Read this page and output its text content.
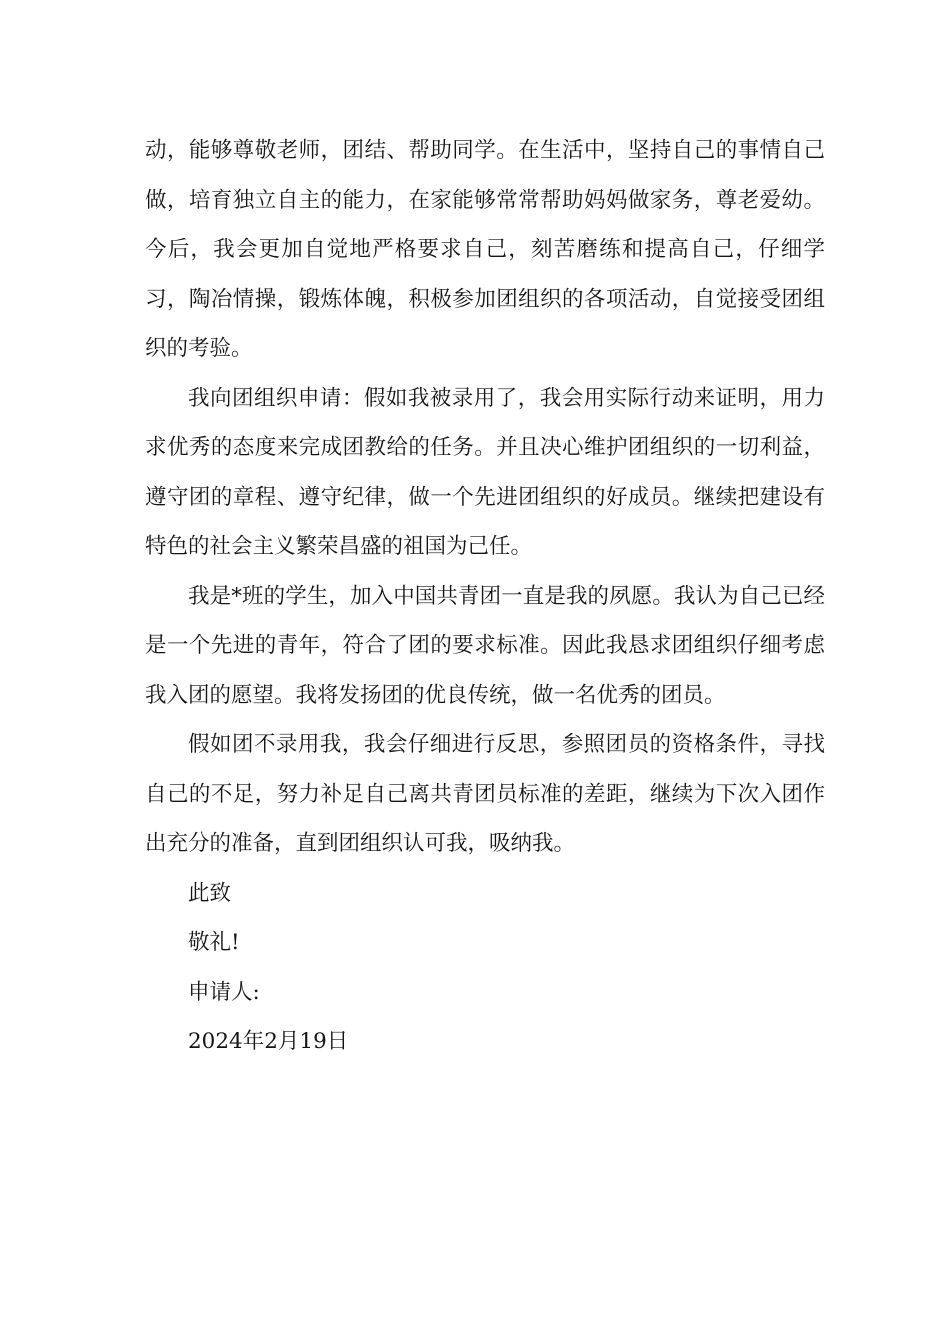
动，能够尊敬老师，团结、帮助同学。在生活中，坚持自己的事情自己做，培育独立自主的能力，在家能够常常帮助妈妈做家务，尊老爱幼。今后，我会更加自觉地严格要求自己，刻苦磨练和提高自己，仔细学习，陶冶情操，锻炼体魄，积极参加团组织的各项活动，自觉接受团组织的考验。

我向团组织申请：假如我被录用了，我会用实际行动来证明，用力求优秀的态度来完成团教给的任务。并且决心维护团组织的一切利益，遵守团的章程、遵守纪律，做一个先进团组织的好成员。继续把建设有特色的社会主义繁荣昌盛的祖国为己任。

我是*班的学生，加入中国共青团一直是我的夙愿。我认为自己已经是一个先进的青年，符合了团的要求标准。因此我恳求团组织仔细考虑我入团的愿望。我将发扬团的优良传统，做一名优秀的团员。

假如团不录用我，我会仔细进行反思，参照团员的资格条件，寻找自己的不足，努力补足自己离共青团员标准的差距，继续为下次入团作出充分的准备，直到团组织认可我，吸纳我。

此致

敬礼!

申请人:

2024年2月19日
